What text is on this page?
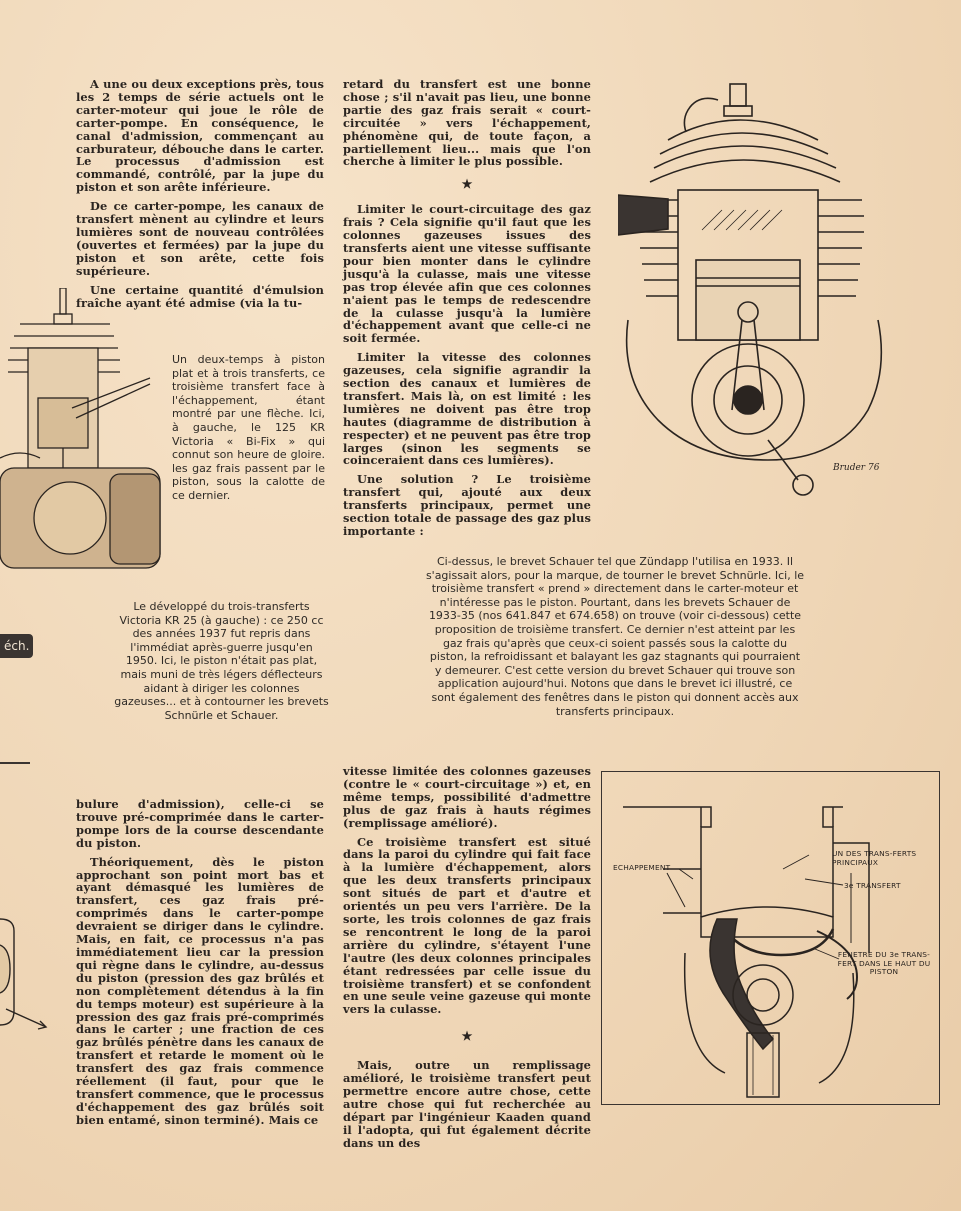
A une ou deux exceptions près, tous les 2 temps de série actuels ont le carter-moteur qui joue le rôle de carter-pompe. En conséquence, le canal d'admission, commençant au carburateur, débouche dans le carter. Le processus d'admission est commandé, contrôlé, par la jupe du piston et son arête inférieure.

De ce carter-pompe, les canaux de transfert mènent au cylindre et leurs lumières sont de nouveau contrôlées (ouvertes et fermées) par la jupe du piston et son arête, cette fois supérieure.

Une certaine quantité d'émulsion fraîche ayant été admise (via la tu-

retard du transfert est une bonne chose ; s'il n'avait pas lieu, une bonne partie des gaz frais serait « court-circuitée » vers l'échappement, phénomène qui, de toute façon, a partiellement lieu... mais que l'on cherche à limiter le plus possible.

★

Limiter le court-circuitage des gaz frais ? Cela signifie qu'il faut que les colonnes gazeuses issues des transferts aient une vitesse suffisante pour bien monter dans le cylindre jusqu'à la culasse, mais une vitesse pas trop élevée afin que ces colonnes n'aient pas le temps de redescendre de la culasse jusqu'à la lumière d'échappement avant que celle-ci ne soit fermée.

Limiter la vitesse des colonnes gazeuses, cela signifie agrandir la section des canaux et lumières de transfert. Mais là, on est limité : les lumières ne doivent pas être trop hautes (diagramme de distribution à respecter) et ne peuvent pas être trop larges (sinon les segments se coinceraient dans ces lumières).

Une solution ? Le troisième transfert qui, ajouté aux deux transferts principaux, permet une section totale de passage des gaz plus importante :

Bruder 76

Un deux-temps à piston plat et à trois transferts, ce troisième transfert face à l'échappement, étant montré par une flèche. Ici, à gauche, le 125 KR Victoria « Bi-Fix » qui connut son heure de gloire. les gaz frais passent par le piston, sous la calotte de ce dernier.

Le développé du trois-transferts Victoria KR 25 (à gauche) : ce 250 cc des années 1937 fut repris dans l'immédiat après-guerre jusqu'en 1950. Ici, le piston n'était pas plat, mais muni de très légers déflecteurs aidant à diriger les colonnes gazeuses... et à contourner les brevets Schnürle et Schauer.

Ci-dessus, le brevet Schauer tel que Zündapp l'utilisa en 1933. Il s'agissait alors, pour la marque, de tourner le brevet Schnürle. Ici, le troisième transfert « prend » directement dans le carter-moteur et n'intéresse pas le piston. Pourtant, dans les brevets Schauer de 1933-35 (nos 641.847 et 674.658) on trouve (voir ci-dessous) cette proposition de troisième transfert. Ce dernier n'est atteint par les gaz frais qu'après que ceux-ci soient passés sous la calotte du piston, la refroidissant et balayant les gaz stagnants qui pourraient y demeurer. C'est cette version du brevet Schauer qui trouve son application aujourd'hui. Notons que dans le brevet ici illustré, ce sont également des fenêtres dans le piston qui donnent accès aux transferts principaux.

éch.

bulure d'admission), celle-ci se trouve pré-comprimée dans le carter-pompe lors de la course descendante du piston.

Théoriquement, dès le piston approchant son point mort bas et ayant démasqué les lumières de transfert, ces gaz frais pré-comprimés dans le carter-pompe devraient se diriger dans le cylindre. Mais, en fait, ce processus n'a pas immédiatement lieu car la pression qui règne dans le cylindre, au-dessus du piston (pression des gaz brûlés et non complètement détendus à la fin du temps moteur) est supérieure à la pression des gaz frais pré-comprimés dans le carter ; une fraction de ces gaz brûlés pénètre dans les canaux de transfert et retarde le moment où le transfert des gaz frais commence réellement (il faut, pour que le transfert commence, que le processus d'échappement des gaz brûlés soit bien entamé, sinon terminé). Mais ce

vitesse limitée des colonnes gazeuses (contre le « court-circuitage ») et, en même temps, possibilité d'admettre plus de gaz frais à hauts régimes (remplissage amélioré).

Ce troisième transfert est situé dans la paroi du cylindre qui fait face à la lumière d'échappement, alors que les deux transferts principaux sont situés de part et d'autre et orientés un peu vers l'arrière. De la sorte, les trois colonnes de gaz frais se rencontrent le long de la paroi arrière du cylindre, s'étayent l'une l'autre (les deux colonnes principales étant redressées par celle issue du troisième transfert) et se confondent en une seule veine gazeuse qui monte vers la culasse.

★

Mais, outre un remplissage amélioré, le troisième transfert peut permettre encore autre chose, cette autre chose qui fut recherchée au départ par l'ingénieur Kaaden quand il l'adopta, qui fut également décrite dans un des

ECHAPPEMENT
UN DES TRANS-FERTS PRINCIPAUX
3e TRANSFERT
FENETRE DU 3e TRANS-FERT DANS LE HAUT DU PISTON
